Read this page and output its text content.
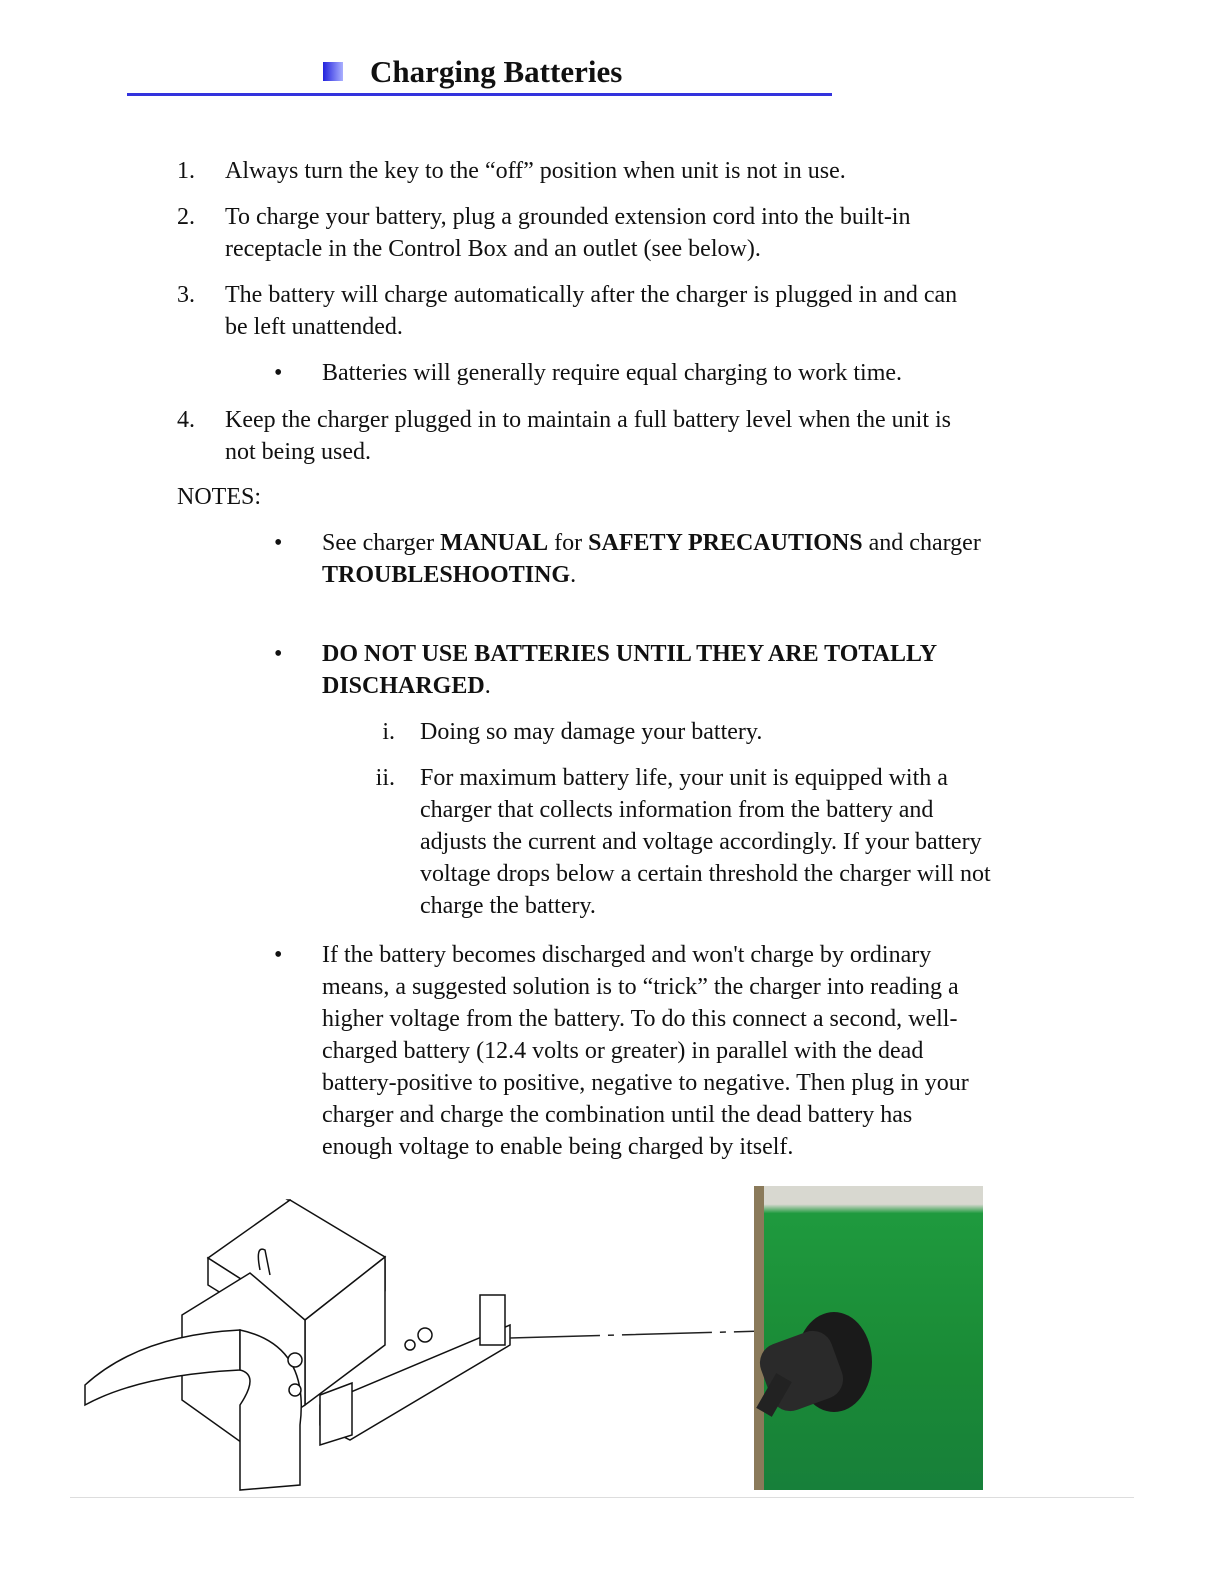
Charging Batteries
• Batteries will generally require equal charging to work time.
NOTES:
• See charger MANUAL for SAFETY PRECAUTIONS and charger
TROUBLESHOOTING.
• DO NOT USE BATTERIES UNTIL THEY ARE TOTALLY
DISCHARGED.
• If the battery becomes discharged and won't charge by ordinary
means, a suggested solution is to “trick” the charger into reading a
higher voltage from the battery. To do this connect a second, well-
charged battery (12.4 volts or greater) in parallel with the dead
battery-positive to positive, negative to negative. Then plug in your
charger and charge the combination until the dead battery has
enough voltage to enable being charged by itself.
1. Always turn the key to the “off” position when unit is not in use.
2. To charge your battery, plug a grounded extension cord into the built-in
receptacle in the Control Box and an outlet (see below).
3. The battery will charge automatically after the charger is plugged in and can
be left unattended.
4. Keep the charger plugged in to maintain a full battery level when the unit is
not being used.
i. Doing so may damage your battery.
ii. For maximum battery life, your unit is equipped with a
charger that collects information from the battery and
adjusts the current and voltage accordingly. If your battery
voltage drops below a certain threshold the charger will not
charge the battery.
